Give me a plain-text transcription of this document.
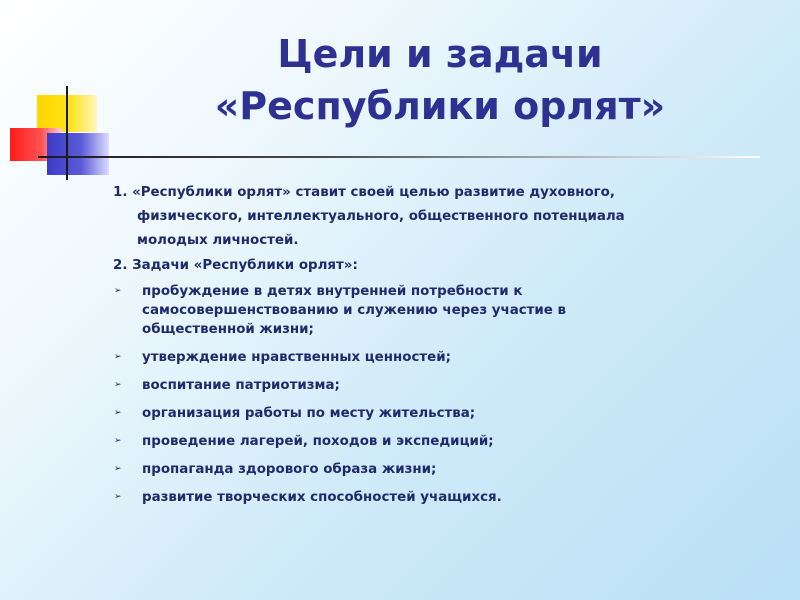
Цели и задачи
«Республики орлят»

1. «Республики орлят» ставит своей целью развитие духовного,
физического, интеллектуального, общественного потенциала
молодых личностей.

2. Задачи «Республики орлят»:

➢ пробуждение в детях внутренней потребности к
самосовершенствованию и служению через участие в
общественной жизни;
➢ утверждение нравственных ценностей;
➢ воспитание патриотизма;
➢ организация работы по месту жительства;
➢ проведение лагерей, походов и экспедиций;
➢ пропаганда здорового образа жизни;
➢ развитие творческих способностей учащихся.
